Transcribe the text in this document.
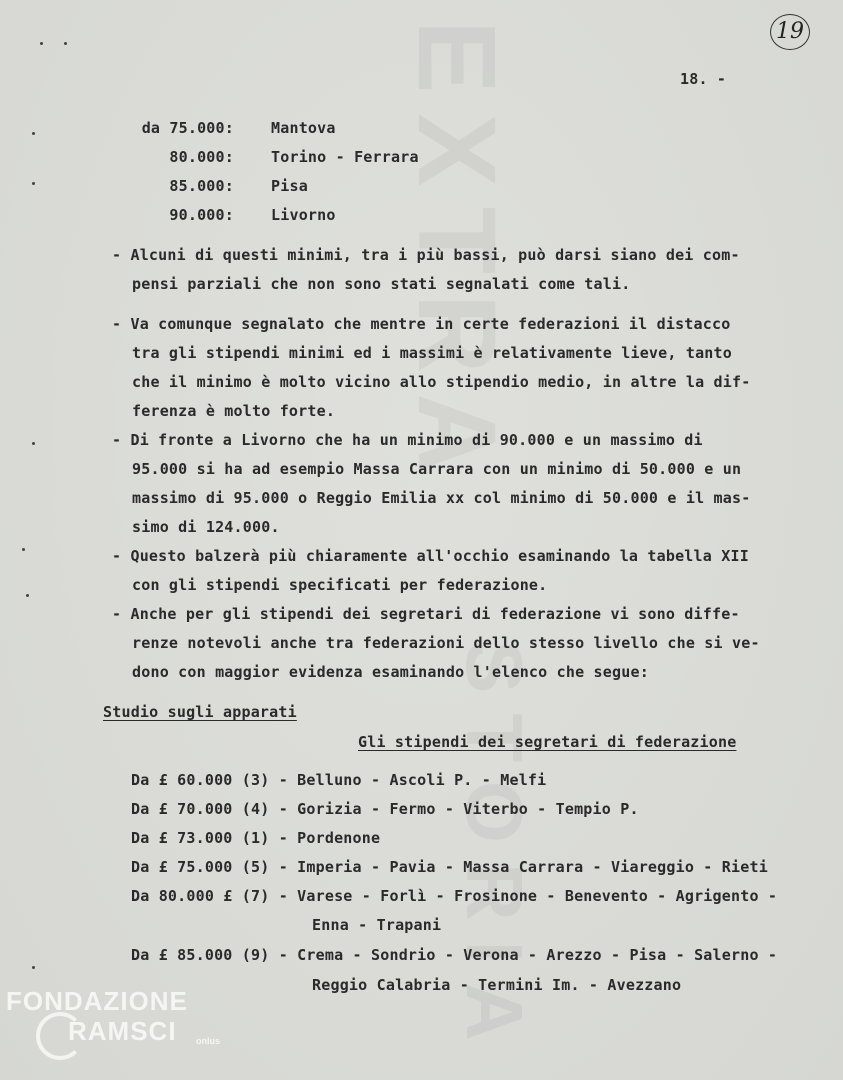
EXTRA
STORIA
19
18. -
da 75.000: Mantova
80.000: Torino - Ferrara
85.000: Pisa
90.000: Livorno
- Alcuni di questi minimi, tra i più bassi, può darsi siano dei com-
pensi parziali che non sono stati segnalati come tali.
- Va comunque segnalato che mentre in certe federazioni il distacco
tra gli stipendi minimi ed i massimi è relativamente lieve, tanto
che il minimo è molto vicino allo stipendio medio, in altre la dif-
ferenza è molto forte.
- Di fronte a Livorno che ha un minimo di 90.000 e un massimo di
95.000 si ha ad esempio Massa Carrara con un minimo di 50.000 e un
massimo di 95.000 o Reggio Emilia xx col minimo di 50.000 e il mas-
simo di 124.000.
- Questo balzerà più chiaramente all'occhio esaminando la tabella XII
con gli stipendi specificati per federazione.
- Anche per gli stipendi dei segretari di federazione vi sono diffe-
renze notevoli anche tra federazioni dello stesso livello che si ve-
dono con maggior evidenza esaminando l'elenco che segue:
Studio sugli apparati
Gli stipendi dei segretari di federazione
Da £ 60.000 (3) - Belluno - Ascoli P. - Melfi
Da £ 70.000 (4) - Gorizia - Fermo - Viterbo - Tempio P.
Da £ 73.000 (1) - Pordenone
Da £ 75.000 (5) - Imperia - Pavia - Massa Carrara - Viareggio - Rieti
Da 80.000 £ (7) - Varese - Forlì - Frosinone - Benevento - Agrigento -
Enna - Trapani
Da £ 85.000 (9) - Crema - Sondrio - Verona - Arezzo - Pisa - Salerno -
Reggio Calabria - Termini Im. - Avezzano
FONDAZIONE
RAMSCI onlus
